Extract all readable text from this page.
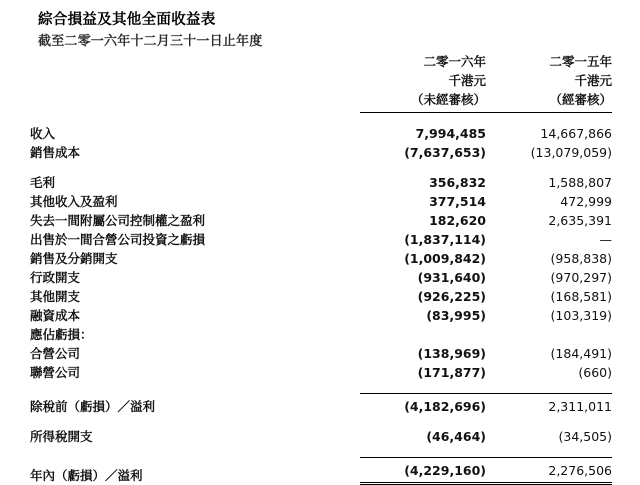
綜合損益及其他全面收益表
截至二零一六年十二月三十一日止年度
	二零一六年	二零一五年
	千港元	千港元

	（未經審核）	（經審核）

收入	7,994,485	14,667,866
銷售成本	(7,637,653)	(13,079,059)

毛利	356,832	1,588,807
其他收入及盈利	377,514	472,999
失去一間附屬公司控制權之盈利	182,620	2,635,391
出售於一間合營公司投資之虧損	(1,837,114)	—
銷售及分銷開支	(1,009,842)	(958,838)
行政開支	(931,640)	(970,297)
其他開支	(926,225)	(168,581)
融資成本	(83,995)	(103,319)
應佔虧損：		
合營公司	(138,969)	(184,491)
聯營公司	(171,877)	(660)

除稅前（虧損）／溢利	(4,182,696)	2,311,011

所得稅開支	(46,464)	(34,505)

年內（虧損）／溢利	(4,229,160)	2,276,506
